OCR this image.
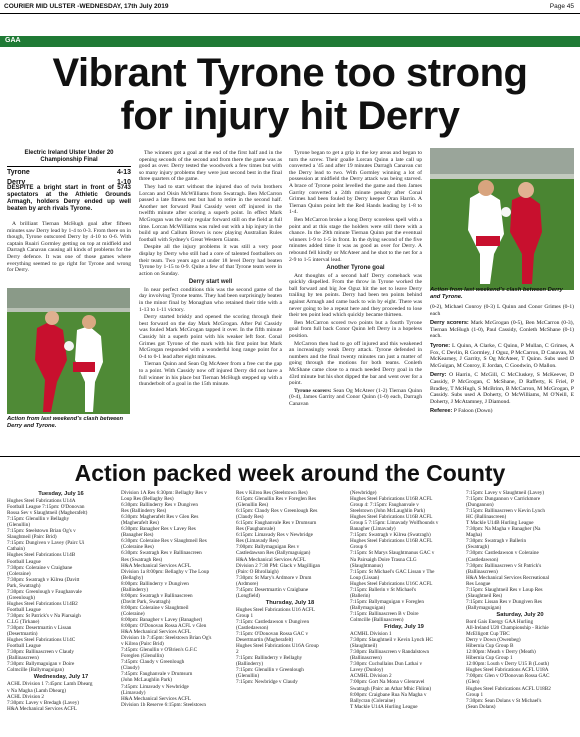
COURIER MID ULSTER -WEDNESDAY, 17th July 2019	Page 45
GAA
Vibrant Tyrone too strong
for injury hit Derry
Electric Ireland Ulster Under 20
Championship Final
Tyrone	4-13
Derry	1-10
DESPITE a bright start in front of 5743 spectators at the Athletic Grounds Armagh, holders Derry ended up well beaten by arch rivals Tyrone.

A brilliant Tiernan McHugh goal after fifteen minutes saw Derry lead by 1-4 to 0-3. From there on in though, Tyrone outscored Derry by 4-10 to 0-6. With captain Ruairi Gormley getting on top at midfield and Darragh Canavan causing all kinds of problems for the Derry defence. It was one of those games where everything seemed to go right for Tyrone and wrong for Derry.

Action from last weekend's clash between Derry and Tyrone.

The winners got a goal at the end of the first half and in the opening seconds of the second and from there the game was as good as over. Derry tested the woodwork a few times but with so many injury problems they were just second best in the final three quarters of the game.

They had to start without the injured duo of twin brothers Lorcan and Oisin McWilliams from Swatragh. Ben McCarron passed a late fitness test but had to retire in the second half. Another net forward Paul Cassidy went off injured in the twelfth minute after scoring a superb point. In effect Mark McGrogan was the only regular forward still on the field at full time. Lorcan McWilliams was ruled out with a hip injury in the build up and Callum Brown is now playing Australian Rules football with Sydney's Great Western Giants.

Despite all the injury problems it was still a very poor display by Derry who still had a core of talented footballers on their team. Two years ago at under 18 level Derry had beaten Tyrone by 1-15 to 0-9. Quite a few of that Tyrone team were in action on Sunday.

Derry start well

In near perfect conditions this was the second game of the day involving Tyrone teams. They had been surprisingly beaten in the minor final by Monaghan who retained their title with a 1-13 to 1-11 victory.

Derry started briskly and opened the scoring through their best forward on the day Mark McGrogan. After Pal Cassidy was fouled Mark McGrogan tapped it over. In the fifth minute Cassidy hit a superb point with his weaker left foot. Conal Grimes got Tyrone of the mark with his first point but Mark McGrogan responded with a wonderful long range point for a 0-4 to 0-1 lead after eight minutes.

Tiernan Quinn and Sean Og McAteer from a free cut the gap to a point. With Cassidy now off injured Derry did not have a full winner in his place but Tiernan McHugh stepped up with a thunderbolt of a goal in the 15th minute.

Tyrone began to get a grip in the key areas and began to turn the screw. Their goalie Lorcan Quinn a late call up converted a '45 and after 19 minutes Darragh Canavan cut the Derry lead to two. With Gormley winning a lot of possession at midfield the Derry attack was being starved. A brace of Tyrone point levelled the game and then James Garrity converted a 24th minute penalty after Conal Grimes had been fouled by Derry keeper Oran Harrin. A Tiernan Quinn point left the Red Hands leading by 1-8 to 1-4.

Ben McCarron broke a long Derry scoreless spell with a point and at this stage the holders were still there with a chance. In the 29th minute Tiernan Quinn put the eventual winners 1-9 to 1-5 in front. In the dying second of the five minutes added time it was as good as over for Derry. A rebound fell kindly or McAteer and he shot to the net for a 2-9 to 1-5 interval lead.

Another Tyrone goal

Ant thoughts of a second half Derry comeback was quickly dispelled. From the throw in Tyrone worked the ball forward and big Joe Oguz hit the net to leave Derry trailing by ten points. Derry had been ten points behind against Armagh and came back to win by eight. There was never going to be a repeat here and they proceeded to lose their ten point lead which quickly became thirteen.

Ben McCarron scored two points but a fourth Tyrone goal from full back Conor Quinn left Derry in a hopeless position.

McCarron then had to go off injured and this weakened an increasingly weak Derry attack. Tyrone defended in numbers and the final twenty minutes ran just a matter of going through the motions for both teams. Conleth McShane came close to a much needed Derry goal in the 43rd minute but his shot dipped the bar and went over for a point.

Tyrone scorers: Sean Og McAteer (1-2) Tiernan Quinn (0-4), James Garrity and Conor Quinn (1-0) each, Darragh Canavan

Action from last weekend's clash between Derry and Tyrone.

(0-2), Michael Conroy (0-3) L Quinn and Conor Grimes (0-1) each

Derry scorers: Mark McGrogan (0-5), Ben McCarron (0-3), Tiernan McHugh (1-0), Paul Cassidy, Conleth McShane (0-1) each.

Tyrone: L Quinn, A Clarke, C Quinn, P Mullan, C Grimes, A Fox, C Devlin, R Gormley, J Oguz, P McCarron, D Canavan, M McKearney, J Garrity, S Og McAteer, T Quinn. Subs used D McGuigan, M Conroy, E Jordan, C Goodwin, O Mallon.

Derry: O Harrin, C McGill, C McCluskey, S McKeever, D Cassidy, P McGrogan, C McShane, D Rafferty, K Friel, P Bradley, T McHugh, S McBrinn, B McCarron, M McGrogan, P Cassidy. Subs used A Doherty, O McWilliams, M O'Neill, E Doherty, J McAtamney, J Diamond.

Referee: P Faloon (Down)

Action packed week around the County
Tuesday, July 16
Hughes Steel Fabrications U14A
Football League 7:15pm: O'Donovan
Rossa Sev v Slaughtneil (Magherafelt)
7:15pm: Glenullin v Bellaghy
(Glenullin)
7:15pm: Steelstown Brian Og's v
Slaughtneil (Pairc Brid)
7:15pm: Dungiven v Lavey (Pairc Ui
Cathain)
Hughes Steel Fabrications U14B
Football League
7:30pm: Coleraine v Craigbane
(Coleraine)
7:30pm: Swatragh v Kilrea (Davitt
Park, Swatragh)
7:30pm: Greenlough v Faughanvale
(Greenlough)
Hughes Steel Fabrications U14B2
Football League
7:30pm: St Patrick's v Na Piarsaigh
C.LG (Tirkane)
7:30pm: Desertmartin v Lissan
(Desertmartin)
Hughes Steel Fabrications U14C
Football League
7:30pm: Ballinascreen v Claudy
(Ballinascreen)
7:30pm: Ballymaguigan v Doire
Colmcille (Ballymaguigan)
Wednesday, July 17
ACHL Division 1 7:45pm: Lamh Dhearg
v Na Magha (Lamh Dhearg)
ACHL Division 2
7:30pm: Lavey v Bredagh (Lavey)
H&A Mechanical Services ACFL
Division 1A Res 6:30pm: Bellaghy Res v
Loup Res (Bellaghy Res)
6:30pm: Ballinderry Res v Dungiven
Res (Ballinderry Res)
6:30pm: Magherafelt Res v Glen Res
(Magherafelt Res)
6:30pm: Banagher Res v Lavey Res
(Banagher Res)
6:30pm: Coleraine Res v Slaughtneil Res
(Coleraine Res)
6:30pm: Swatragh Res v Ballinascreen
Res (Swatragh Res)
H&A Mechanical Services ACFL
Division 1a 8:00pm: Bellaghy v The Loup
(Bellaghy)
8:00pm: Ballinderry v Dungiven
(Ballinderry)
8:00pm: Swatragh v Ballinascreen
(Davitt Park, Swatragh)
8:00pm: Coleraine v Slaughtneil
(Coleraine)
8:00pm: Banagher v Lavey (Banagher)
8:00pm: O'Donovan Rossa ACFL v Glen
H&A Mechanical Services ACFL
Division 1b 7:45pm: Steelstown Brian Og's
v Kilrea (Pairc Brid)
7:45pm: Glenullin v O'Brien's G.F.C
Foreglen (Glenullin)
7:45pm: Claudy v Greenlough
(Claudy)
7:45pm: Faughanvale v Drumsurn
(John McLaughlin Park)
7:45pm: Limavady v Newbridge
(Limavady)
H&A Mechanical Services ACFL
Division 1b Reserve 6:15pm: Steelstown
Res v Kilrea Res (Steelstown Res)
6:15pm: Glenullin Res v Foreglen Res
(Glenullin Res)
6:15pm: Claudy Res v Greenlough Res
(Claudy Res)
6:15pm: Faughanvale Res v Drumsurn
Res (Faughanvale)
6:15pm: Limavady Res v Newbridge
Res (Limavady Res)
7:00pm: Ballymaguigan Res v
Castledawson Res (Ballymaguigan)
H&A Mechanical Services ACFL
Division 2 7:30 PM: Glack v Magilligan
(Pairc O Bhrollaigh)
7:30pm: St Mary's Ardmore v Drum
(Ardmore)
7:45pm: Desertmartin v Craigbane
(Longfield)
Thursday, July 18
Hughes Steel Fabrications U16 ACFL
Group 1
7:15pm: Castledawson v Dungiven
(Castledawson)
7:15pm: O'Donovan Rossa GAC v
Desertmartin (Magherafelt)
Hughes Steel Fabrications U16A Group
2
7:15pm: Ballinderry v Bellaghy
(Ballinderry)
7:15pm: Glenullin v Greenlough
(Glenullin)
7:15pm: Newbridge v Claudy
(Newbridge)
Hughes Steel Fabrications U16B ACFL
Group 4: 7:15pm: Faughanvale v
Steelstown (John McLaughlin Park)
Hughes Steel Fabrications U16B ACFL
Group 5 7:15pm: Limavady Wolfhounds v
Banagher (Limavady)
7:15pm: Swatragh v Kilrea (Swatragh)
Hughes Steel Fabrications U16B ACFL
Group 6
7:15pm: St Marys Slaughtmanus GAC v
Na Pairsaigh Doire Trasna CLG
(Slaughtmanus)
7:15pm: St Michael's GAC Lissan v The
Loup (Lissan)
Hughes Steel Fabrications U16C ACFL
7:15pm: Ballerin v St Michael's
(Ballerin)
7:15pm: Ballymaguigan v Foreglen
(Ballymaguigan)
7:15pm: Ballinascreen B v Doire
Colmcille (Ballinascreen)
Friday, July 19
ACMHL Division 1
7:30pm: Slaughtneil v Kevin Lynch HC
(Slaughtneil)
7:30pm: Ballinascreen v Randalstown
(Ballinascreen)
7:30pm: Cuchullains Dun Lathai v
Lavey (Dunloy)
ACMHL Division 2
7:00pm: Gort Na Mona v Glenravel
Swatragh (Pairc an Athar Mhic Fhlinn)
8:00pm: Craigbane Rua Na Magha v
Ballycran (Coleraine)
T Mackle U14A Hurling League
7:15pm: Lavey v Slaughtneil (Lavey)
7:15pm: Dungannon v Carrickmore
(Dungannon)
7:15pm: Ballinascreen v Kevin Lynch
HC (Ballinascreen)
T Mackle U14B Hurling League
7:30pm: Na Magha v Banagher (Na
Magha)
7:30pm: Swatragh v Ballerin
(Swatragh)
7:30pm: Castledawson v Coleraine
(Castledawson)
7:30pm: Ballinascreen v St Patrick's
(Ballinascreen)
H&A Mechanical Services Recreational
Res League
7:15pm: Slaughtneil Res v Loup Res
(Slaughtneil Res)
7:15pm: Lissan Res v Dungiven Res
(Ballymaguigan)
Saturday, July 20
Bord Gais Energy GAA Hurling
All-Ireland U20 Championship - Richie
McElligott Cup TBC
Derry v Down (Owenbeg)
Hibernia Cup Group B
12:00pm: Meath v Derry (Meath)
Hibernia Cup Group 1
12:00pm: Louth v Derry U15 B (Louth)
Hughes Steel Fabrications ACFL U18A
7:00pm: Glen v O'Donovan Rossa GAC
(Glen)
Hughes Steel Fabrications ACFL U18B2
Group 1
7:30pm: Sean Dolans v St Michael's
(Sean Dolans)
